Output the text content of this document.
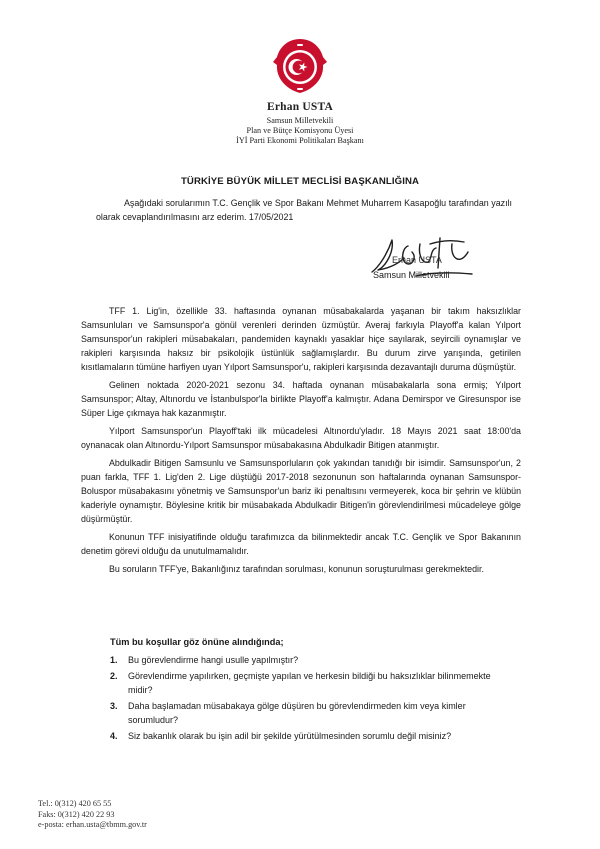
Erhan USTA
Samsun Milletvekili
Plan ve Bütçe Komisyonu Üyesi
İYİ Parti Ekonomi Politikaları Başkanı
TÜRKİYE BÜYÜK MİLLET MECLİSİ BAŞKANLIĞINA

Aşağıdaki sorularımın T.C. Gençlik ve Spor Bakanı Mehmet Muharrem Kasapoğlu tarafından yazılı olarak cevaplandırılmasını arz ederim. 17/05/2021

Erhan USTA
Samsun Milletvekili

TFF 1. Lig'in, özellikle 33. haftasında oynanan müsabakalarda yaşanan bir takım haksızlıklar Samsunluları ve Samsunspor'a gönül verenleri derinden üzmüştür. Averaj farkıyla Playoff'a kalan Yılport Samsunspor'un rakipleri müsabakaları, pandemiden kaynaklı yasaklar hiçe sayılarak, seyircili oynamışlar ve rakipleri karşısında haksız bir psikolojik üstünlük sağlamışlardır. Bu durum zirve yarışında, getirilen kısıtlamaların tümüne harfiyen uyan Yılport Samsunspor'u, rakipleri karşısında dezavantajlı duruma düşmüştür.

Gelinen noktada 2020-2021 sezonu 34. haftada oynanan müsabakalarla sona ermiş; Yılport Samsunspor; Altay, Altınordu ve İstanbulspor'la birlikte Playoff'a kalmıştır. Adana Demirspor ve Giresunspor ise Süper Lige çıkmaya hak kazanmıştır.

Yılport Samsunspor'un Playoff'taki ilk mücadelesi Altınordu'yladır. 18 Mayıs 2021 saat 18:00'da oynanacak olan Altınordu-Yılport Samsunspor müsabakasına Abdulkadir Bitigen atanmıştır.

Abdulkadir Bitigen Samsunlu ve Samsunsporluların çok yakından tanıdığı bir isimdir. Samsunspor'un, 2 puan farkla, TFF 1. Lig'den 2. Lige düştüğü 2017-2018 sezonunun son haftalarında oynanan Samsunspor-Boluspor müsabakasını yönetmiş ve Samsunspor'un bariz iki penaltısını vermeyerek, koca bir şehrin ve klübün kaderiyle oynamıştır. Böylesine kritik bir müsabakada Abdulkadir Bitigen'in görevlendirilmesi mücadeleye gölge düşürmüştür.

Konunun TFF inisiyatifinde olduğu tarafımızca da bilinmektedir ancak T.C. Gençlik ve Spor Bakanının denetim görevi olduğu da unutulmamalıdır.

Bu soruların TFF'ye, Bakanlığınız tarafından sorulması, konunun soruşturulması gerekmektedir.

Tüm bu koşullar göz önüne alındığında;
1. Bu görevlendirme hangi usulle yapılmıştır?
2. Görevlendirme yapılırken, geçmişte yapılan ve herkesin bildiği bu haksızlıklar bilinmemekte midir?
3. Daha başlamadan müsabakaya gölge düşüren bu görevlendirmeden kim veya kimler sorumludur?
4. Siz bakanlık olarak bu işin adil bir şekilde yürütülmesinden sorumlu değil misiniz?
Tel.: 0(312) 420 65 55
Faks: 0(312) 420 22 93
e-posta: erhan.usta@tbmm.gov.tr
